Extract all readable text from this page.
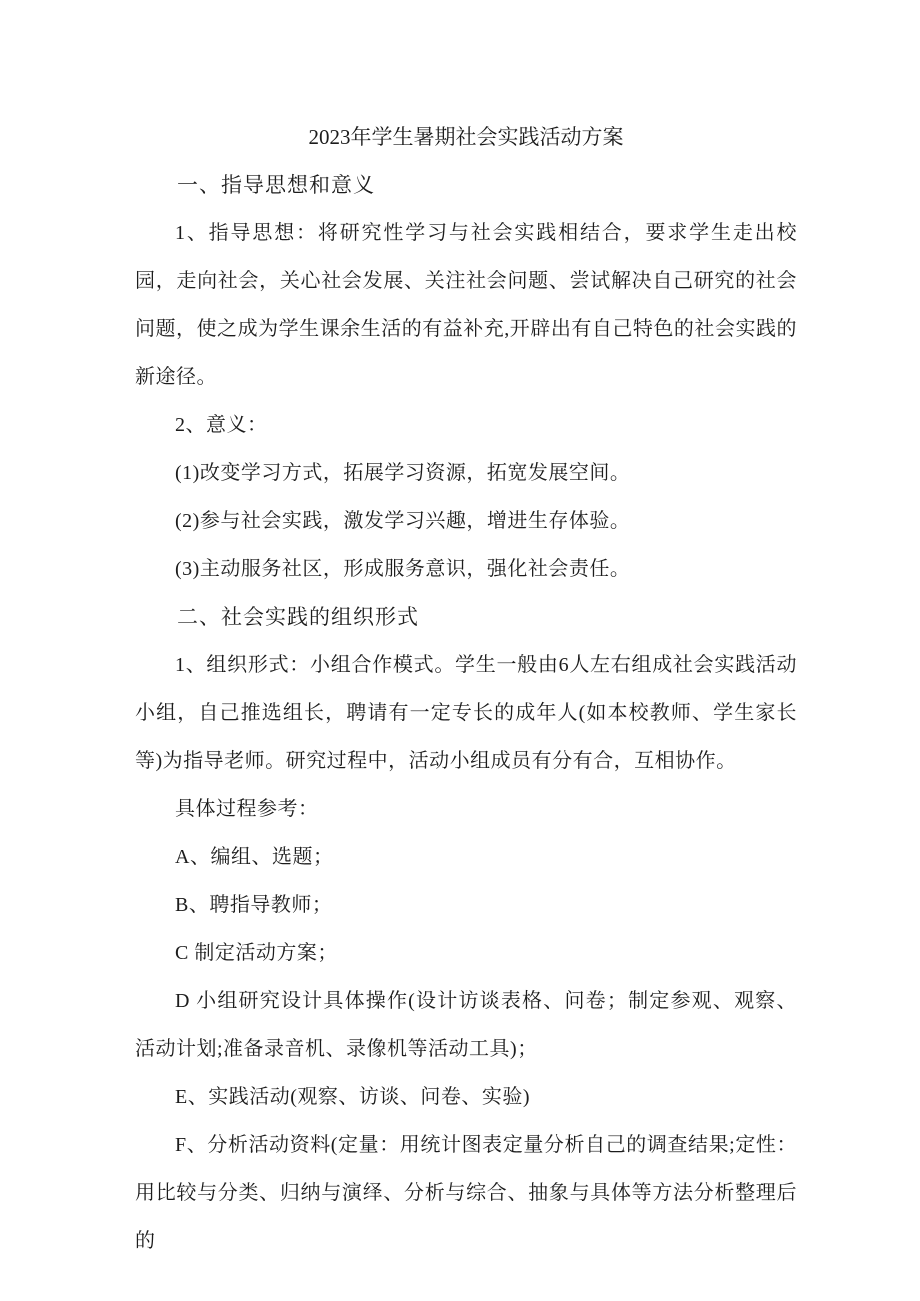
2023年学生暑期社会实践活动方案

一、指导思想和意义

1、指导思想：将研究性学习与社会实践相结合，要求学生走出校园，走向社会，关心社会发展、关注社会问题、尝试解决自己研究的社会问题，使之成为学生课余生活的有益补充,开辟出有自己特色的社会实践的新途径。

2、意义：

(1)改变学习方式，拓展学习资源，拓宽发展空间。

(2)参与社会实践，激发学习兴趣，增进生存体验。

(3)主动服务社区，形成服务意识，强化社会责任。

二、社会实践的组织形式

1、组织形式：小组合作模式。学生一般由6人左右组成社会实践活动小组，自己推选组长，聘请有一定专长的成年人(如本校教师、学生家长等)为指导老师。研究过程中，活动小组成员有分有合，互相协作。

具体过程参考：

A、编组、选题；

B、聘指导教师；

C 制定活动方案；

D 小组研究设计具体操作(设计访谈表格、问卷；制定参观、观察、活动计划;准备录音机、录像机等活动工具)；

E、实践活动(观察、访谈、问卷、实验)

F、分析活动资料(定量：用统计图表定量分析自己的调查结果;定性：用比较与分类、归纳与演绎、分析与综合、抽象与具体等方法分析整理后的
